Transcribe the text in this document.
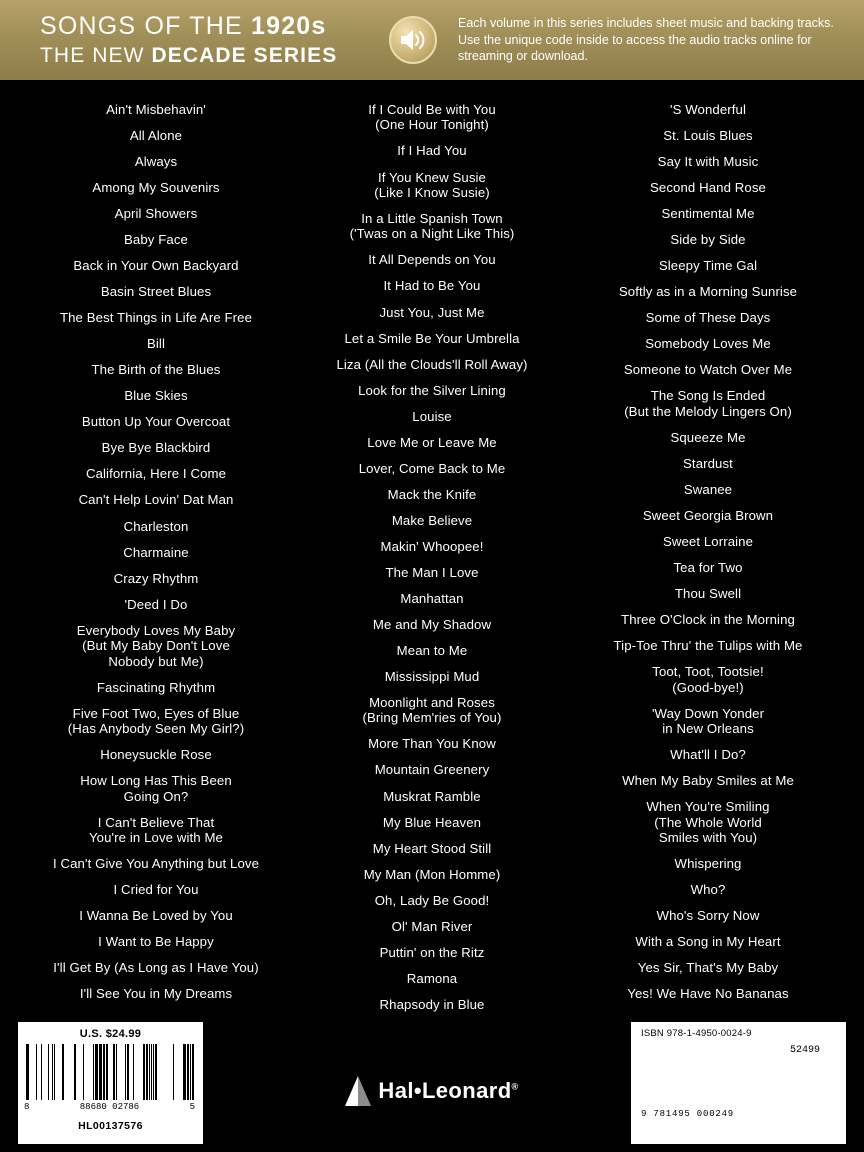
SONGS OF THE 1920s
THE NEW DECADE SERIES
Each volume in this series includes sheet music and backing tracks. Use the unique code inside to access the audio tracks online for streaming or download.
Ain't Misbehavin'
All Alone
Always
Among My Souvenirs
April Showers
Baby Face
Back in Your Own Backyard
Basin Street Blues
The Best Things in Life Are Free
Bill
The Birth of the Blues
Blue Skies
Button Up Your Overcoat
Bye Bye Blackbird
California, Here I Come
Can't Help Lovin' Dat Man
Charleston
Charmaine
Crazy Rhythm
'Deed I Do
Everybody Loves My Baby
(But My Baby Don't Love
Nobody but Me)
Fascinating Rhythm
Five Foot Two, Eyes of Blue
(Has Anybody Seen My Girl?)
Honeysuckle Rose
How Long Has This Been
Going On?
I Can't Believe That
You're in Love with Me
I Can't Give You Anything but Love
I Cried for You
I Wanna Be Loved by You
I Want to Be Happy
I'll Get By (As Long as I Have You)
I'll See You in My Dreams
If I Could Be with You
(One Hour Tonight)
If I Had You
If You Knew Susie
(Like I Know Susie)
In a Little Spanish Town
('Twas on a Night Like This)
It All Depends on You
It Had to Be You
Just You, Just Me
Let a Smile Be Your Umbrella
Liza (All the Clouds'll Roll Away)
Look for the Silver Lining
Louise
Love Me or Leave Me
Lover, Come Back to Me
Mack the Knife
Make Believe
Makin' Whoopee!
The Man I Love
Manhattan
Me and My Shadow
Mean to Me
Mississippi Mud
Moonlight and Roses
(Bring Mem'ries of You)
More Than You Know
Mountain Greenery
Muskrat Ramble
My Blue Heaven
My Heart Stood Still
My Man (Mon Homme)
Oh, Lady Be Good!
Ol' Man River
Puttin' on the Ritz
Ramona
Rhapsody in Blue
'S Wonderful
St. Louis Blues
Say It with Music
Second Hand Rose
Sentimental Me
Side by Side
Sleepy Time Gal
Softly as in a Morning Sunrise
Some of These Days
Somebody Loves Me
Someone to Watch Over Me
The Song Is Ended
(But the Melody Lingers On)
Squeeze Me
Stardust
Swanee
Sweet Georgia Brown
Sweet Lorraine
Tea for Two
Thou Swell
Three O'Clock in the Morning
Tip-Toe Thru' the Tulips with Me
Toot, Toot, Tootsie!
(Good-bye!)
'Way Down Yonder
in New Orleans
What'll I Do?
When My Baby Smiles at Me
When You're Smiling
(The Whole World
Smiles with You)
Whispering
Who?
Who's Sorry Now
With a Song in My Heart
Yes Sir, That's My Baby
Yes! We Have No Bananas
U.S. $24.99
8	88680 02786	5
HL00137576
Hal•Leonard®
ISBN 978-1-4950-0024-9
52499
9 781495 000249
